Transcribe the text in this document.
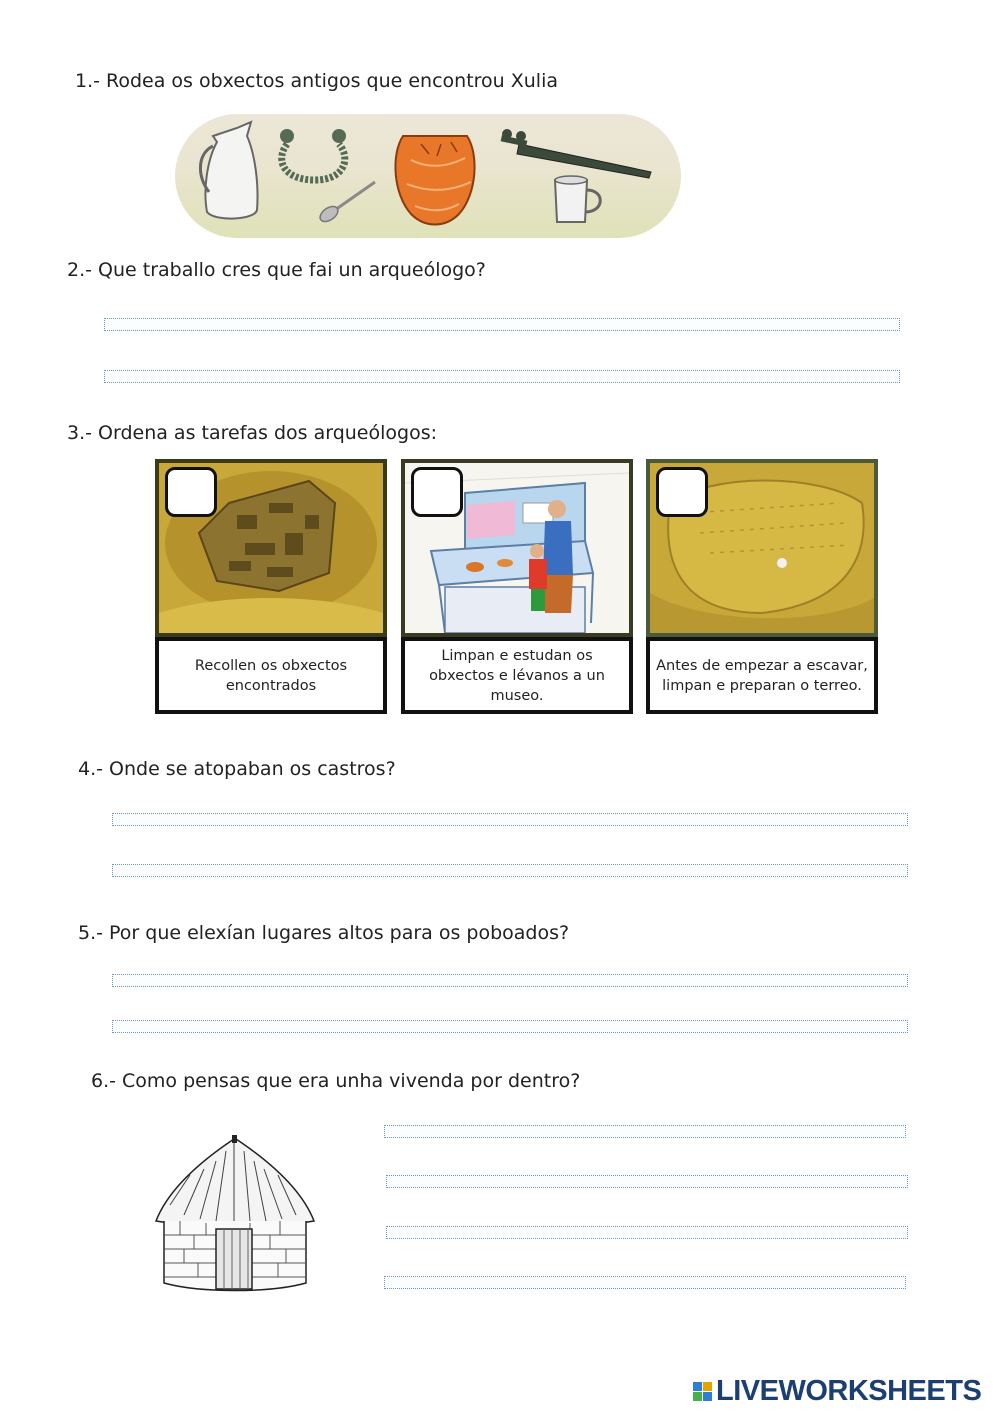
1.- Rodea os obxectos antigos que encontrou Xulia
2.- Que traballo cres que fai un arqueólogo?
3.- Ordena as tarefas dos arqueólogos:
Recollen os obxectos encontrados
Limpan e estudan os obxectos e lévanos a un museo.
Antes de empezar a escavar, limpan e preparan o terreo.
4.- Onde se atopaban os castros?
5.- Por que elexían lugares altos para os poboados?
6.- Como pensas que era unha vivenda por dentro?
LIVEWORKSHEETS
